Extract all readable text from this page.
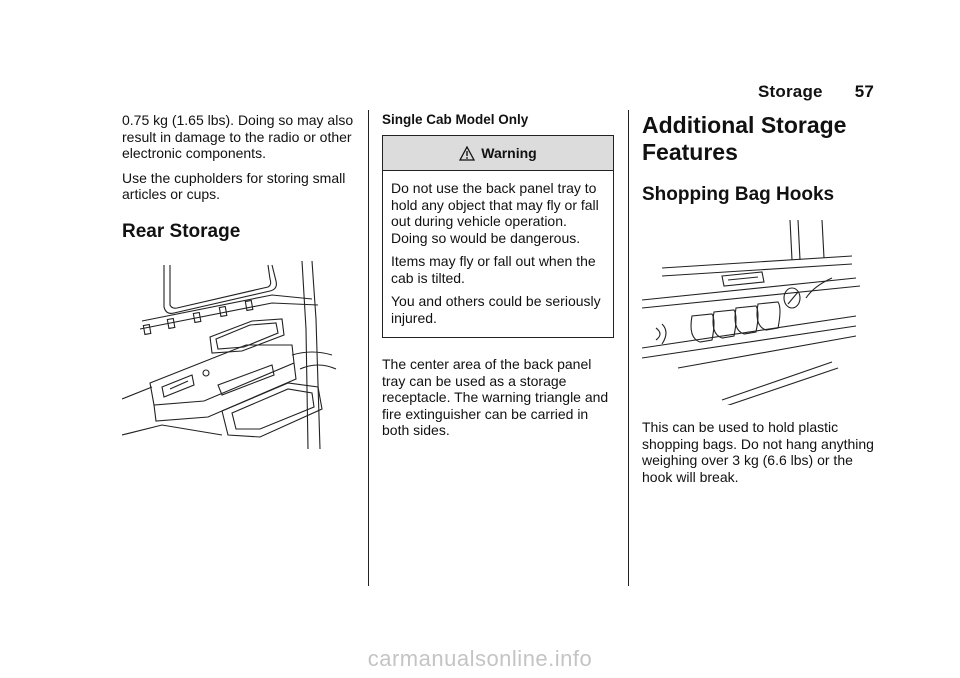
Storage 57

0.75 kg (1.65 lbs). Doing so may also result in damage to the radio or other electronic components.

Use the cupholders for storing small articles or cups.

Rear Storage
Single Cab Model Only
Warning

Do not use the back panel tray to hold any object that may fly or fall out during vehicle operation. Doing so would be dangerous.

Items may fly or fall out when the cab is tilted.

You and others could be seriously injured.

The center area of the back panel tray can be used as a storage receptacle. The warning triangle and fire extinguisher can be carried in both sides.

Additional Storage Features
Shopping Bag Hooks

This can be used to hold plastic shopping bags. Do not hang anything weighing over 3 kg (6.6 lbs) or the hook will break.

carmanualsonline.info
